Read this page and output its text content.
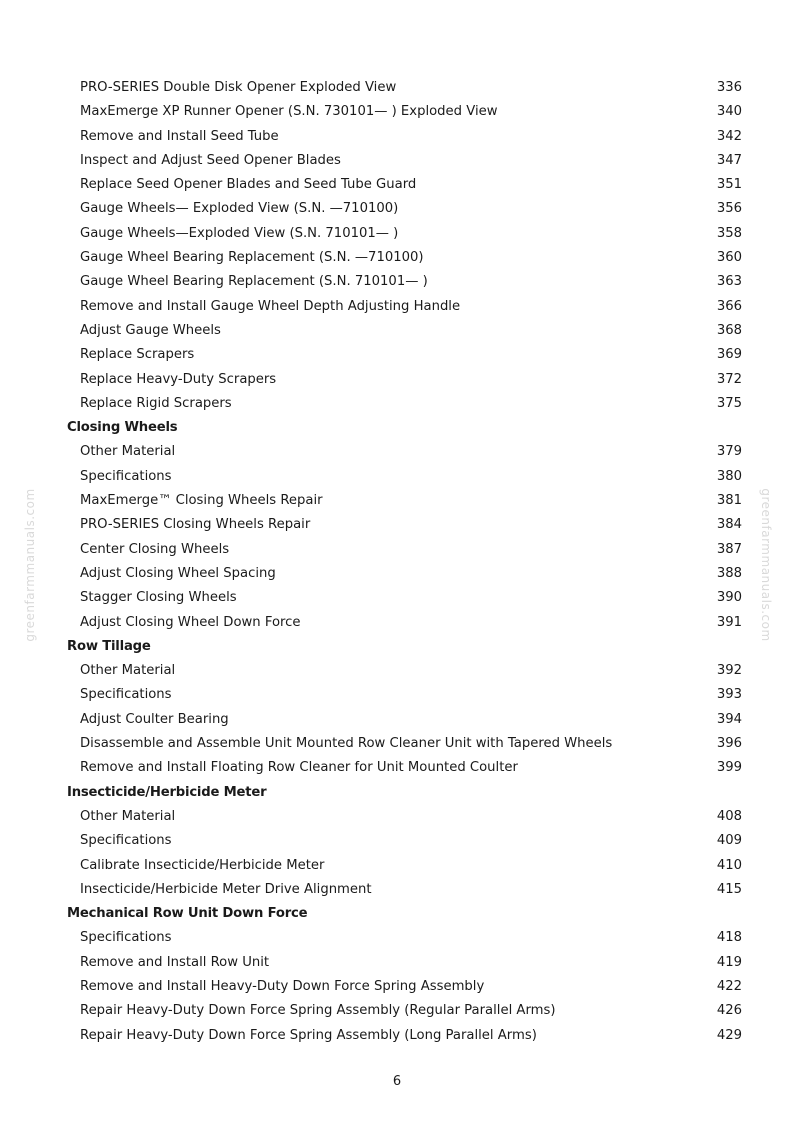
greenfarmmanuals.com	greenfarmmanuals.com
PRO-SERIES Double Disk Opener Exploded View	336
MaxEmerge XP Runner Opener (S.N. 730101— ) Exploded View	340
Remove and Install Seed Tube	342
Inspect and Adjust Seed Opener Blades	347
Replace Seed Opener Blades and Seed Tube Guard	351
Gauge Wheels— Exploded View (S.N. —710100)	356
Gauge Wheels—Exploded View (S.N. 710101— )	358
Gauge Wheel Bearing Replacement (S.N. —710100)	360
Gauge Wheel Bearing Replacement (S.N. 710101— )	363
Remove and Install Gauge Wheel Depth Adjusting Handle	366
Adjust Gauge Wheels	368
Replace Scrapers	369
Replace Heavy-Duty Scrapers	372
Replace Rigid Scrapers	375
Closing Wheels
Other Material	379
Specifications	380
MaxEmerge™ Closing Wheels Repair	381
PRO-SERIES Closing Wheels Repair	384
Center Closing Wheels	387
Adjust Closing Wheel Spacing	388
Stagger Closing Wheels	390
Adjust Closing Wheel Down Force	391
Row Tillage
Other Material	392
Specifications	393
Adjust Coulter Bearing	394
Disassemble and Assemble Unit Mounted Row Cleaner Unit with Tapered Wheels	396
Remove and Install Floating Row Cleaner for Unit Mounted Coulter	399
Insecticide/Herbicide Meter
Other Material	408
Specifications	409
Calibrate Insecticide/Herbicide Meter	410
Insecticide/Herbicide Meter Drive Alignment	415
Mechanical Row Unit Down Force
Specifications	418
Remove and Install Row Unit	419
Remove and Install Heavy-Duty Down Force Spring Assembly	422
Repair Heavy-Duty Down Force Spring Assembly (Regular Parallel Arms)	426
Repair Heavy-Duty Down Force Spring Assembly (Long Parallel Arms)	429
6
